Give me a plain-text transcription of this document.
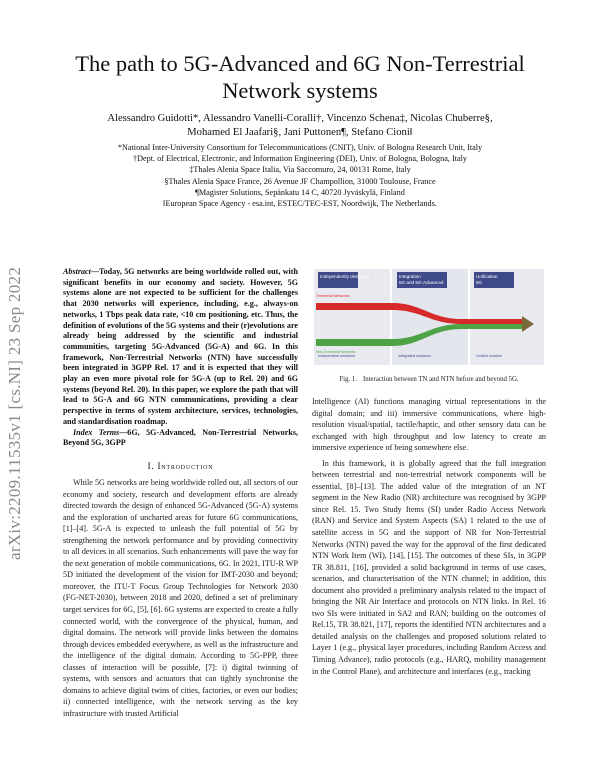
arXiv:2209.11535v1 [cs.NI] 23 Sep 2022
The path to 5G-Advanced and 6G Non-Terrestrial Network systems
Alessandro Guidotti*, Alessandro Vanelli-Coralli†, Vincenzo Schena‡, Nicolas Chuberre§,
Mohamed El Jaafari§, Jani Puttonen¶, Stefano Cioni‖
*National Inter-University Consortium for Telecommunications (CNIT), Univ. of Bologna Research Unit, Italy
†Dept. of Electrical, Electronic, and Information Engineering (DEI), Univ. of Bologna, Bologna, Italy
‡Thales Alenia Space Italia, Via Saccomuro, 24, 00131 Rome, Italy
§Thales Alenia Space France, 26 Avenue JF Champollion, 31000 Toulouse, France
¶Magister Solutions, Sepänkatu 14 C, 40720 Jyväskylä, Finland
‖European Space Agency - esa.int, ESTEC/TEC-EST, Noordwijk, The Netherlands.

Abstract—Today, 5G networks are being worldwide rolled out, with significant benefits in our economy and society. However, 5G systems alone are not expected to be sufficient for the challenges that 2030 networks will experience, including, e.g., always-on networks, 1 Tbps peak data rate, <10 cm positioning, etc. Thus, the definition of evolutions of the 5G systems and their (r)evolutions are already being addressed by the scientific and industrial communities, targeting 5G-Advanced (5G-A) and 6G. In this framework, Non-Terrestrial Networks (NTN) have successfully been integrated in 3GPP Rel. 17 and it is expected that they will play an even more pivotal role for 5G-A (up to Rel. 20) and 6G systems (beyond Rel. 20). In this paper, we explore the path that will lead to 5G-A and 6G NTN communications, providing a clear perspective in terms of system architecture, services, technologies, and standardisation roadmap.

Index Terms—6G, 5G-Advanced, Non-Terrestrial Networks, Beyond 5G, 3GPP

I. Introduction

While 5G networks are being worldwide rolled out, all sectors of our economy and society, research and development efforts are already directed towards the design of enhanced 5G-Advanced (5G-A) systems and the exploration of uncharted areas for future 6G communications, [1]–[4]. 5G-A is expected to unleash the full potential of 5G by strengthening the network performance and by providing connectivity to all devices in all scenarios. Such enhancements will pave the way for the next generation of mobile communications, 6G. In 2021, ITU-R WP 5D initiated the development of the vision for IMT-2030 and beyond; moreover, the ITU-T Focus Group Technologies for Network 2030 (FG-NET-2030), between 2018 and 2020, defined a set of preliminary target services for 6G, [5], [6]. 6G systems are expected to create a fully connected world, with the convergence of the physical, human, and digital domains. The network will provide links between the domains through devices embedded everywhere, as well as the infrastructure and the intelligence of the digital domain. According to 5G-PPP, three classes of interaction will be possible, [7]: i) digital twinning of systems, with sensors and actuators that can tightly synchronise the domains to achieve digital twins of cities, factories, or even our bodies; ii) connected intelligence, with the network serving as the key infrastructure with trusted Artificial

Independently designed	Integration
5G and 5G-Advanced
Unification
6G
Terrestrial Networks
Independent solutions	Integrated solutions	Unified solution
Non-Terrestrial Networks
Fig. 1. Interaction between TN and NTN before and beyond 5G.

Intelligence (AI) functions managing virtual representations in the digital domain; and iii) immersive communications, where high-resolution visual/spatial, tactile/haptic, and other sensory data can be exchanged with high throughput and low latency to create an immersive experience of being somewhere else.

In this framework, it is globally agreed that the full integration between terrestrial and non-terrestrial network components will be essential, [8]–[13]. The added value of the integration of an NT segment in the New Radio (NR) architecture was recognised by 3GPP since Rel. 15. Two Study Items (SI) under Radio Access Network (RAN) and Service and System Aspects (SA) 1 related to the use of satellite access in 5G and the support of NR for Non-Terrestrial Networks (NTN) paved the way for the approval of the first dedicated NTN Work Item (WI), [14], [15]. The outcomes of these SIs, in 3GPP TR 38.811, [16], provided a solid background in terms of use cases, scenarios, and characterisation of the NTN channel; in addition, this document also provided a preliminary analysis related to the impact of bringing the NR Air Interface and protocols on NTN links. In Rel. 16 two SIs were initiated in SA2 and RAN; building on the outcomes of Rel.15, TR 38.821, [17], reports the identified NTN architectures and a detailed analysis on the challenges and proposed solutions related to Layer 1 (e.g., physical layer procedures, including Random Access and Timing Advance), radio protocols (e.g., HARQ, mobility management in the Control Plane), and architecture and interfaces (e.g., tracking
